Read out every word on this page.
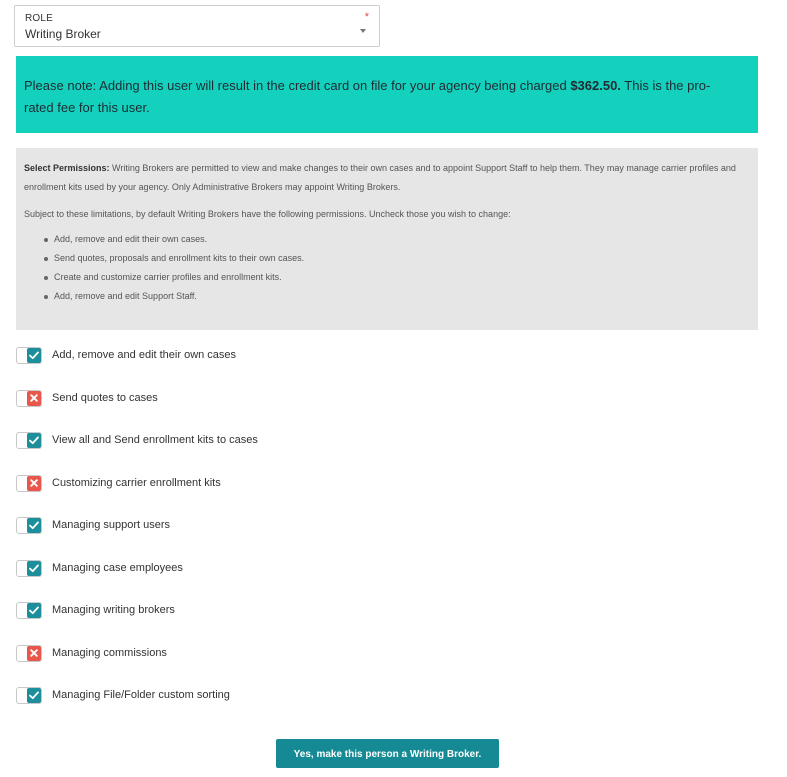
ROLE	*
Writing Broker
Please note: Adding this user will result in the credit card on file for your agency being charged $362.50. This is the pro-rated fee for this user.

Select Permissions: Writing Brokers are permitted to view and make changes to their own cases and to appoint Support Staff to help them. They may manage carrier profiles and enrollment kits used by your agency. Only Administrative Brokers may appoint Writing Brokers.

Subject to these limitations, by default Writing Brokers have the following permissions. Uncheck those you wish to change:

Add, remove and edit their own cases.
Send quotes, proposals and enrollment kits to their own cases.
Create and customize carrier profiles and enrollment kits.
Add, remove and edit Support Staff.
Add, remove and edit their own cases
Send quotes to cases
View all and Send enrollment kits to cases
Customizing carrier enrollment kits
Managing support users
Managing case employees
Managing writing brokers
Managing commissions
Managing File/Folder custom sorting
Yes, make this person a Writing Broker.
